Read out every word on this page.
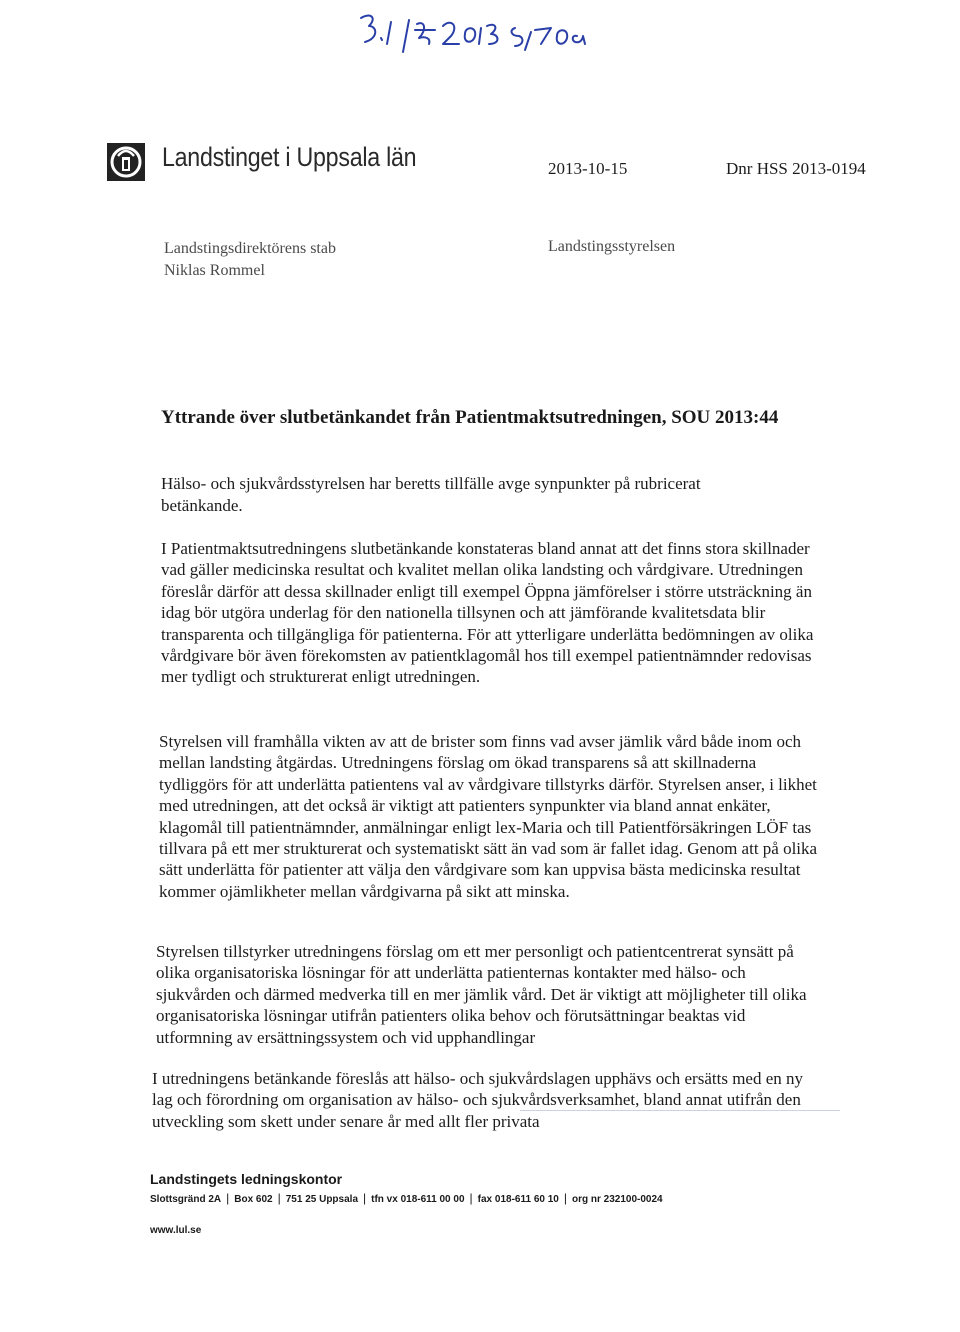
Landstinget i Uppsala län	2013-10-15	Dnr HSS 2013-0194
Landstingsdirektörens stab
Niklas Rommel
Landstingsstyrelsen
Yttrande över slutbetänkandet från Patientmaktsutredningen, SOU 2013:44

Hälso- och sjukvårdsstyrelsen har beretts tillfälle avge synpunkter på rubricerat betänkande.

I Patientmaktsutredningens slutbetänkande konstateras bland annat att det finns stora skillnader vad gäller medicinska resultat och kvalitet mellan olika landsting och vårdgivare. Utredningen föreslår därför att dessa skillnader enligt till exempel Öppna jämförelser i större utsträckning än idag bör utgöra underlag för den nationella tillsynen och att jämförande kvalitetsdata blir transparenta och tillgängliga för patienterna. För att ytterligare underlätta bedömningen av olika vårdgivare bör även förekomsten av patientklagomål hos till exempel patientnämnder redovisas mer tydligt och strukturerat enligt utredningen.

Styrelsen vill framhålla vikten av att de brister som finns vad avser jämlik vård både inom och mellan landsting åtgärdas. Utredningens förslag om ökad transparens så att skillnaderna tydliggörs för att underlätta patientens val av vårdgivare tillstyrks därför. Styrelsen anser, i likhet med utredningen, att det också är viktigt att patienters synpunkter via bland annat enkäter, klagomål till patientnämnder, anmälningar enligt lex-Maria och till Patientförsäkringen LÖF tas tillvara på ett mer strukturerat och systematiskt sätt än vad som är fallet idag. Genom att på olika sätt underlätta för patienter att välja den vårdgivare som kan uppvisa bästa medicinska resultat kommer ojämlikheter mellan vårdgivarna på sikt att minska.

Styrelsen tillstyrker utredningens förslag om ett mer personligt och patientcentrerat synsätt på olika organisatoriska lösningar för att underlätta patienternas kontakter med hälso- och sjukvården och därmed medverka till en mer jämlik vård. Det är viktigt att möjligheter till olika organisatoriska lösningar utifrån patienters olika behov och förutsättningar beaktas vid utformning av ersättningssystem och vid upphandlingar

I utredningens betänkande föreslås att hälso- och sjukvårdslagen upphävs och ersätts med en ny lag och förordning om organisation av hälso- och sjukvårdsverksamhet, bland annat utifrån den utveckling som skett under senare år med allt fler privata

Landstingets ledningskontor
Slottsgränd 2A | Box 602 | 751 25 Uppsala | tfn vx 018-611 00 00 | fax 018-611 60 10 | org nr 232100-0024
www.lul.se
